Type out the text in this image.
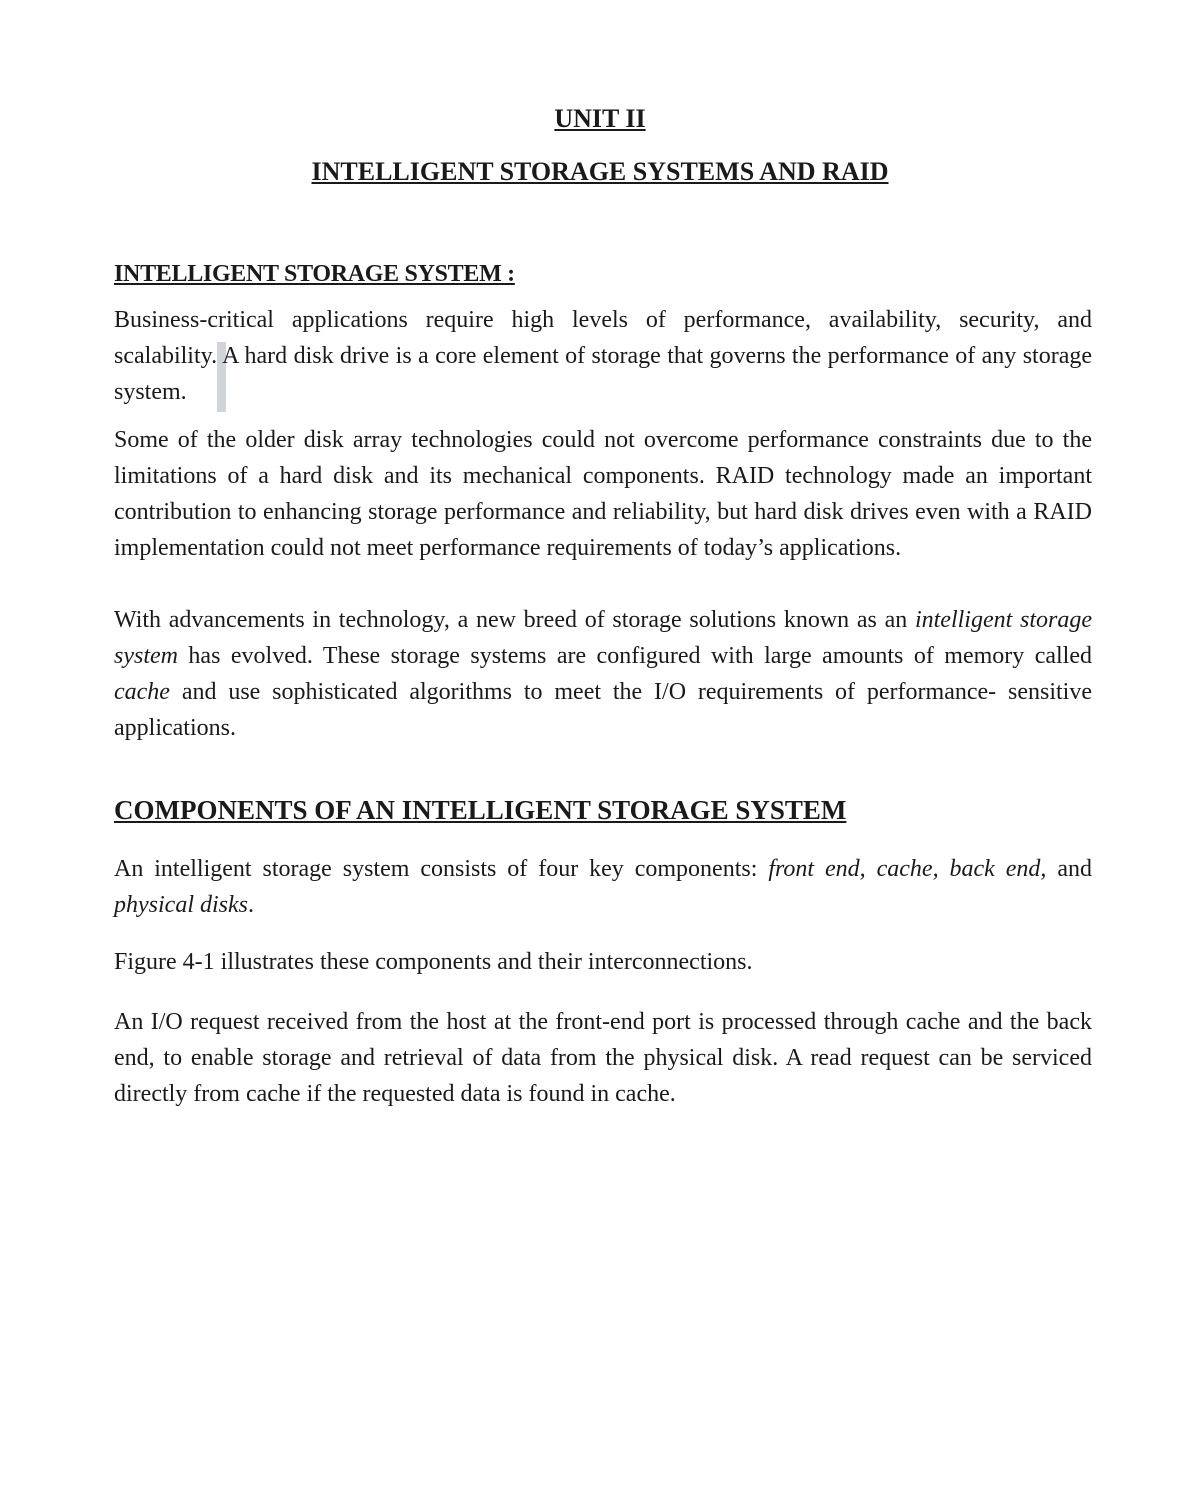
UNIT II
INTELLIGENT STORAGE SYSTEMS AND RAID
INTELLIGENT STORAGE SYSTEM :

Business-critical applications require high levels of performance, availability, security, and scalability. A hard disk drive is a core element of storage that governs the performance of any storage system.

Some of the older disk array technologies could not overcome performance constraints due to the limitations of a hard disk and its mechanical components. RAID technology made an important contribution to enhancing storage performance and reliability, but hard disk drives even with a RAID implementation could not meet performance requirements of today’s applications.

With advancements in technology, a new breed of storage solutions known as an intelligent storage system has evolved. These storage systems are configured with large amounts of memory called cache and use sophisticated algorithms to meet the I/O requirements of performance- sensitive applications.

COMPONENTS OF AN INTELLIGENT STORAGE SYSTEM

An intelligent storage system consists of four key components: front end, cache, back end, and physical disks.

Figure 4-1 illustrates these components and their interconnections.

An I/O request received from the host at the front-end port is processed through cache and the back end, to enable storage and retrieval of data from the physical disk. A read request can be serviced directly from cache if the requested data is found in cache.
